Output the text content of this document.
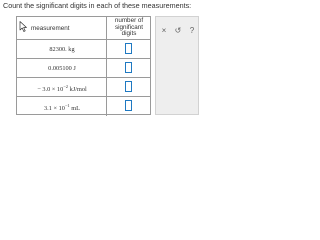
Count the significant digits in each of these measurements:
measurement
number of
significant
digits
82300. kg
0.005100 J
− $3.0 \times 10^{-2}$ kJ/mol
$3.1 \times 10^{-1}$ mL
×	↺	?
